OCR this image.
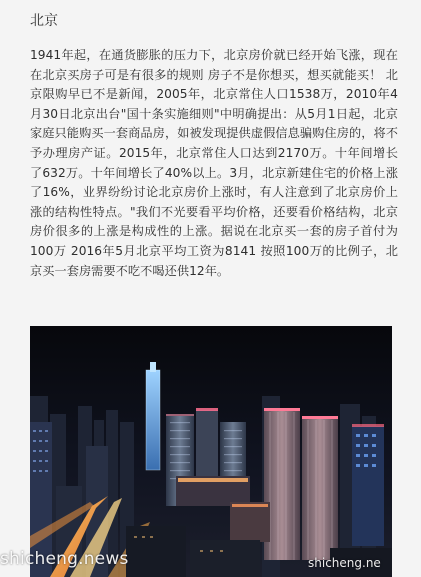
北京
1941年起，在通货膨胀的压力下，北京房价就已经开始飞涨，现在在北京买房子可是有很多的规则 房子不是你想买，想买就能买！ 北京限购早已不是新闻，2005年，北京常住人口1538万，2010年4月30日北京出台"国十条实施细则"中明确提出：从5月1日起，北京家庭只能购买一套商品房，如被发现提供虚假信息骗购住房的，将不予办理房产证。2015年，北京常住人口达到2170万。十年间增长了632万。十年间增长了40%以上。3月，北京新建住宅的价格上涨了16%，业界纷纷讨论北京房价上涨时，有人注意到了北京房价上涨的结构性特点。"我们不光要看平均价格，还要看价格结构，北京房价很多的上涨是构成性的上涨。据说在北京买一套的房子首付为100万 2016年5月北京平均工资为8141 按照100万的比例子，北京买一套房需要不吃不喝还供12年。
shicheng.news	shicheng.ne
